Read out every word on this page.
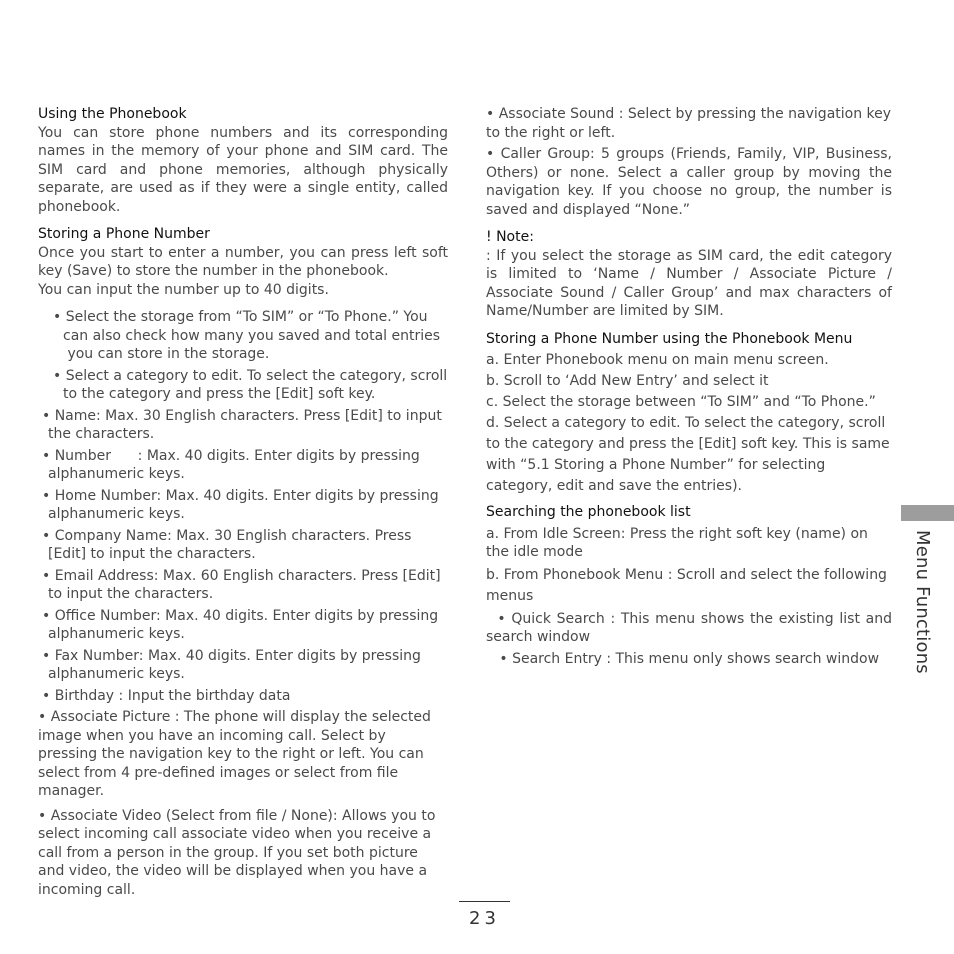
Using the Phonebook

You can store phone numbers and its corresponding names in the memory of your phone and SIM card. The SIM card and phone memories, although physically separate, are used as if they were a single entity, called phonebook.

Storing a Phone Number

Once you start to enter a number, you can press left soft key (Save) to store the number in the phonebook.

You can input the number up to 40 digits.

• Select the storage from “To SIM” or “To Phone.” You
can also check how many you saved and total entries
you can store in the storage.
• Select a category to edit. To select the category, scroll
to the category and press the [Edit] soft key.
• Name: Max. 30 English characters. Press [Edit] to input
the characters.
• Number      : Max. 40 digits. Enter digits by pressing
alphanumeric keys.
• Home Number: Max. 40 digits. Enter digits by pressing
alphanumeric keys.
• Company Name: Max. 30 English characters. Press
[Edit] to input the characters.
• Email Address: Max. 60 English characters. Press [Edit]
to input the characters.
• Office Number: Max. 40 digits. Enter digits by pressing
alphanumeric keys.
• Fax Number: Max. 40 digits. Enter digits by pressing
alphanumeric keys.
• Birthday : Input the birthday data

• Associate Picture : The phone will display the selected image when you have an incoming call. Select by pressing the navigation key to the right or left. You can select from 4 pre-defined images or select from file manager.

• Associate Video (Select from file / None): Allows you to select incoming call associate video when you receive a call from a person in the group. If you set both picture and video, the video will be displayed when you have a incoming call.

• Associate Sound : Select by pressing the navigation key to the right or left.

• Caller Group: 5 groups (Friends, Family, VIP, Business, Others) or none. Select a caller group by moving the navigation key. If you choose no group, the number is saved and displayed “None.”

! Note:

: If you select the storage as SIM card, the edit category is limited to ‘Name / Number / Associate Picture / Associate Sound / Caller Group’ and max characters of Name/Number are limited by SIM.

Storing a Phone Number using the Phonebook Menu

a. Enter Phonebook menu on main menu screen.

b. Scroll to ‘Add New Entry’ and select it

c. Select the storage between “To SIM” and “To Phone.”

d. Select a category to edit. To select the category, scroll to the category and press the [Edit] soft key. This is same with “5.1 Storing a Phone Number” for selecting category, edit and save the entries).

Searching the phonebook list

a. From Idle Screen: Press the right soft key (name) on the idle mode

b. From Phonebook Menu : Scroll and select the following menus

• Quick Search : This menu shows the existing list and search window

• Search Entry : This menu only shows search window	Menu Functions
23
